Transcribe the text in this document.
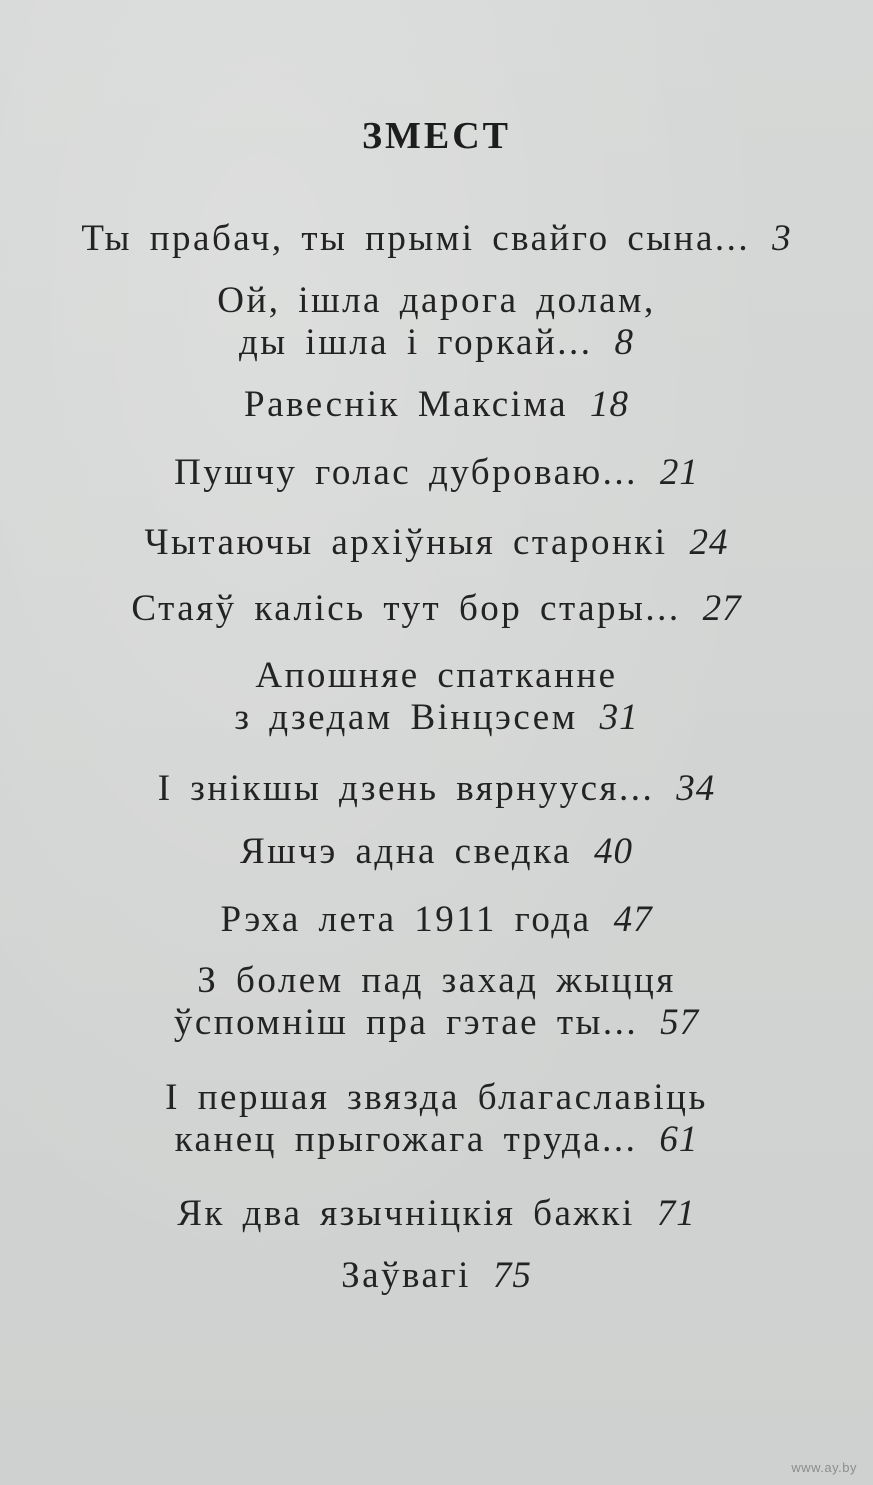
ЗМЕСТ
Ты прабач, ты прымі свайго сына... 3
Ой, ішла дарога долам,
ды ішла і горкай... 8
Равеснік Максіма 18
Пушчу голас дуброваю... 21
Чытаючы архіўныя старонкі 24
Стаяў калісь тут бор стары... 27
Апошняе спатканне
з дзедам Вінцэсем 31
І знікшы дзень вярнууся... 34
Яшчэ адна сведка 40
Рэха лета 1911 года 47
З болем пад захад жыцця
ўспомніш пра гэтае ты... 57
І першая звязда благаславіць
канец прыгожага труда... 61
Як два язычніцкія бажкі 71
Заўвагі 75
www.ay.by
